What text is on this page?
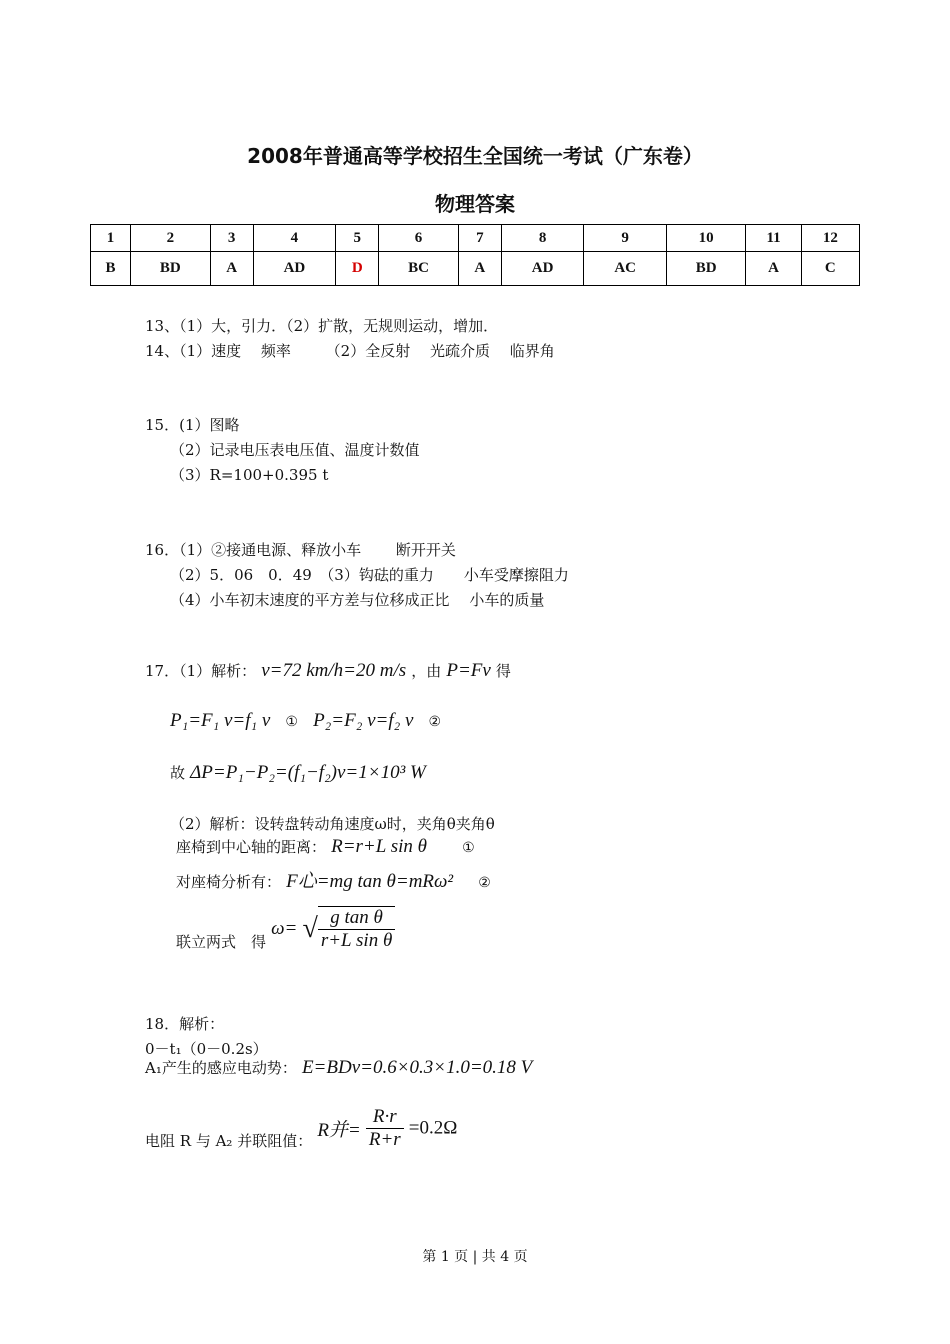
2008年普通高等学校招生全国统一考试（广东卷）
物理答案
1	2	3	4	5	6	7	8	9	10	11	12
B	BD	A	AD	D	BC	A	AD	AC	BD	A	C
13、（1）大，引力．（2）扩散，无规则运动，增加．
14、（1）速度　 频率　　 （2）全反射　 光疏介质　 临界角
15．(1）图略
（2）记录电压表电压值、温度计数值
（3）R=100+0.395 t
16．（1）②接通电源、释放小车　　 断开开关
（2）5．06　0．49　（3）钩砝的重力　　小车受摩擦阻力
（4）小车初末速度的平方差与位移成正比　 小车的质量
17．（1）解析： v=72 km/h=20 m/s ，由 P=Fv 得
P₁=F₁ v=f₁ v ① P₂=F₂ v=f₂ v ②
故 ΔP=P₁−P₂=(f₁−f₂)v=1×10³ W
（2）解析：设转盘转动角速度ω时，夹角θ夹角θ
座椅到中心轴的距离： R=r+L sin θ	①
对座椅分析有： F心=mg tan θ=mRω² ②
联立两式　得 ω= √ $\frac{\text{g tan θ}}{\text{r+L sin θ}}$
18．解析：
0－t₁（0－0.2s）
A₁产生的感应电动势： E=BDv=0.6×0.3×1.0=0.18 V
电阻 R 与 A₂ 并联阻值： R并= $\frac{R\cdot r}{R+r} =0.2\Omega$
第 1 页 | 共 4 页
